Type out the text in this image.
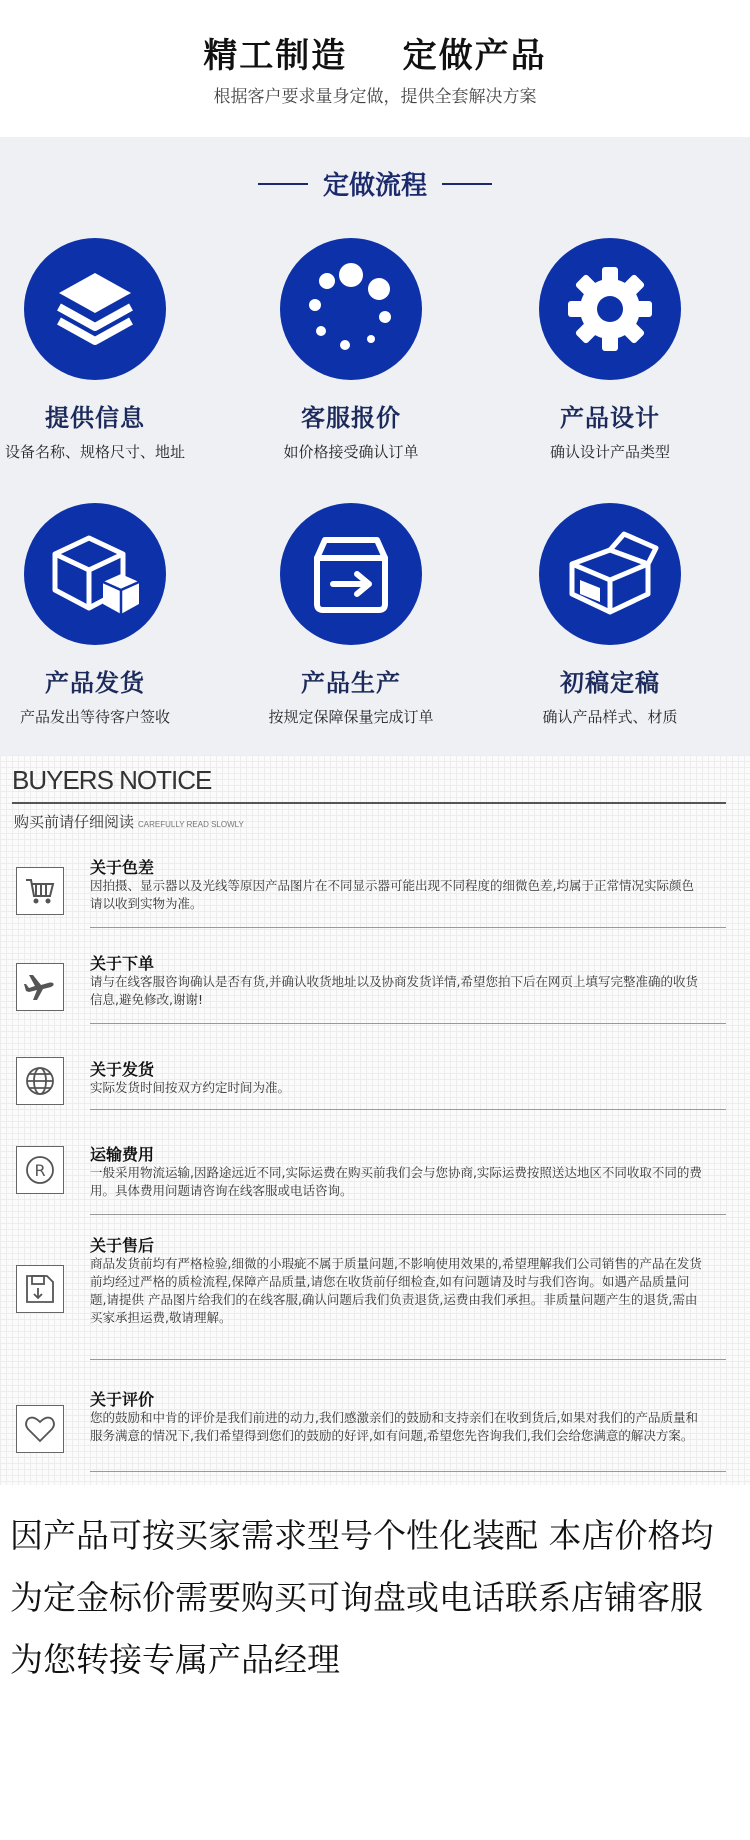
精工制造    定做产品
根据客户要求量身定做，提供全套解决方案
定做流程
提供信息
设备名称、规格尺寸、地址
客服报价
如价格接受确认订单
产品设计
确认设计产品类型
产品发货
产品发出等待客户签收
产品生产
按规定保障保量完成订单
初稿定稿
确认产品样式、材质
BUYERS NOTICE
购买前请仔细阅读 CAREFULLY READ SLOWLY
关于色差
因拍摄、显示器以及光线等原因产品图片在不同显示器可能出现不同程度的细微色差,均属于正常情况实际颜色请以收到实物为准。
关于下单
请与在线客服咨询确认是否有货,并确认收货地址以及协商发货详情,希望您拍下后在网页上填写完整准确的收货信息,避免修改,谢谢!
关于发货
实际发货时间按双方约定时间为准。
R
运输费用
一般采用物流运输,因路途远近不同,实际运费在购买前我们会与您协商,实际运费按照送达地区不同收取不同的费用。具体费用问题请咨询在线客服或电话咨询。
关于售后
商品发货前均有严格检验,细微的小瑕疵不属于质量问题,不影响使用效果的,希望理解我们公司销售的产品在发货前均经过严格的质检流程,保障产品质量,请您在收货前仔细检查,如有问题请及时与我们咨询。如遇产品质量问题,请提供 产品图片给我们的在线客服,确认问题后我们负责退货,运费由我们承担。非质量问题产生的退货,需由买家承担运费,敬请理解。
关于评价
您的鼓励和中肯的评价是我们前进的动力,我们感激亲们的鼓励和支持亲们在收到货后,如果对我们的产品质量和服务满意的情况下,我们希望得到您们的鼓励的好评,如有问题,希望您先咨询我们,我们会给您满意的解决方案。
因产品可按买家需求型号个性化装配 本店价格均为定金标价需要购买可询盘或电话联系店铺客服 为您转接专属产品经理
